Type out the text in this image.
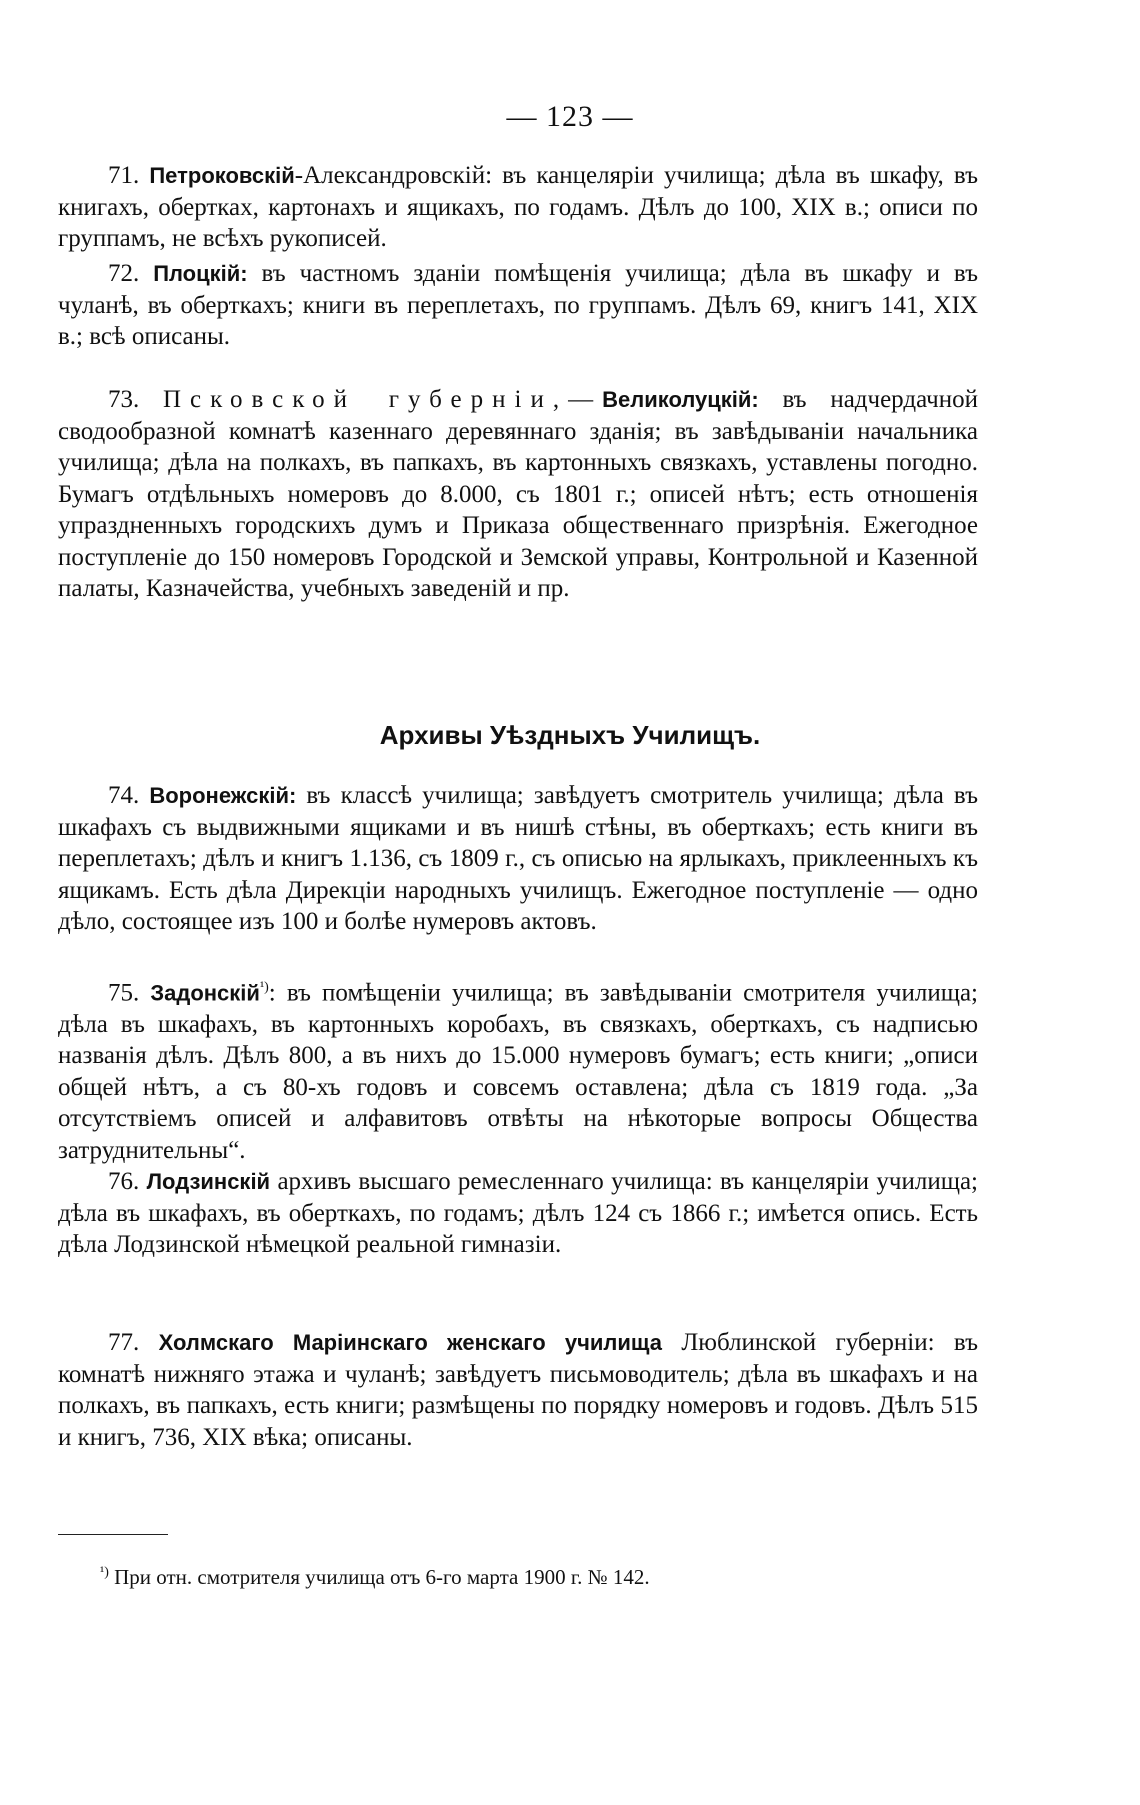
— 123 —

71. Петроковскій-Александровскій: въ канцеляріи училища; дѣла въ шкафу, въ книгахъ, обертках, картонахъ и ящикахъ, по годамъ. Дѣлъ до 100, XIX в.; описи по группамъ, не всѣхъ рукописей.

72. Плоцкій: въ частномъ зданіи помѣщенія училища; дѣла въ шкафу и въ чуланѣ, въ оберткахъ; книги въ переплетахъ, по группамъ. Дѣлъ 69, книгъ 141, XIX в.; всѣ описаны.

73. Псковской губерніи,—Великолуцкій: въ надчердачной сводообразной комнатѣ казеннаго деревяннаго зданія; въ завѣдываніи начальника училища; дѣла на полкахъ, въ папкахъ, въ картонныхъ связкахъ, уставлены погодно. Бумагъ отдѣльныхъ номеровъ до 8.000, съ 1801 г.; описей нѣтъ; есть отношенія упраздненныхъ городскихъ думъ и Приказа общественнаго призрѣнія. Ежегодное поступленіе до 150 номеровъ Городской и Земской управы, Контрольной и Казенной палаты, Казначейства, учебныхъ заведеній и пр.

Архивы Уѣздныхъ Училищъ.

74. Воронежскій: въ классѣ училища; завѣдуетъ смотритель училища; дѣла въ шкафахъ съ выдвижными ящиками и въ нишѣ стѣны, въ оберткахъ; есть книги въ переплетахъ; дѣлъ и книгъ 1.136, съ 1809 г., съ описью на ярлыкахъ, приклеенныхъ къ ящикамъ. Есть дѣла Дирекціи народныхъ училищъ. Ежегодное поступленіе — одно дѣло, состоящее изъ 100 и болѣе нумеровъ актовъ.

75. Задонскій$^{^1)}$: въ помѣщеніи училища; въ завѣдываніи смотрителя училища; дѣла въ шкафахъ, въ картонныхъ коробахъ, въ связкахъ, оберткахъ, съ надписью названія дѣлъ. Дѣлъ 800, а въ нихъ до 15.000 нумеровъ бумагъ; есть книги; „описи общей нѣтъ, а съ 80-хъ годовъ и совсемъ оставлена; дѣла съ 1819 года. „За отсутствіемъ описей и алфавитовъ отвѣты на нѣкоторые вопросы Общества затруднительны“.

76. Лодзинскій архивъ высшаго ремесленнаго училища: въ канцеляріи училища; дѣла въ шкафахъ, въ оберткахъ, по годамъ; дѣлъ 124 съ 1866 г.; имѣется опись. Есть дѣла Лодзинской нѣмецкой реальной гимназіи.

77. Холмскаго Маріинскаго женскаго училища Люблинской губерніи: въ комнатѣ нижняго этажа и чуланѣ; завѣдуетъ письмоводитель; дѣла въ шкафахъ и на полкахъ, въ папкахъ, есть книги; размѣщены по порядку номеровъ и годовъ. Дѣлъ 515 и книгъ, 736, XIX вѣка; описаны.

$^{^1)}$ При отн. смотрителя училища отъ 6-го марта 1900 г. № 142.
